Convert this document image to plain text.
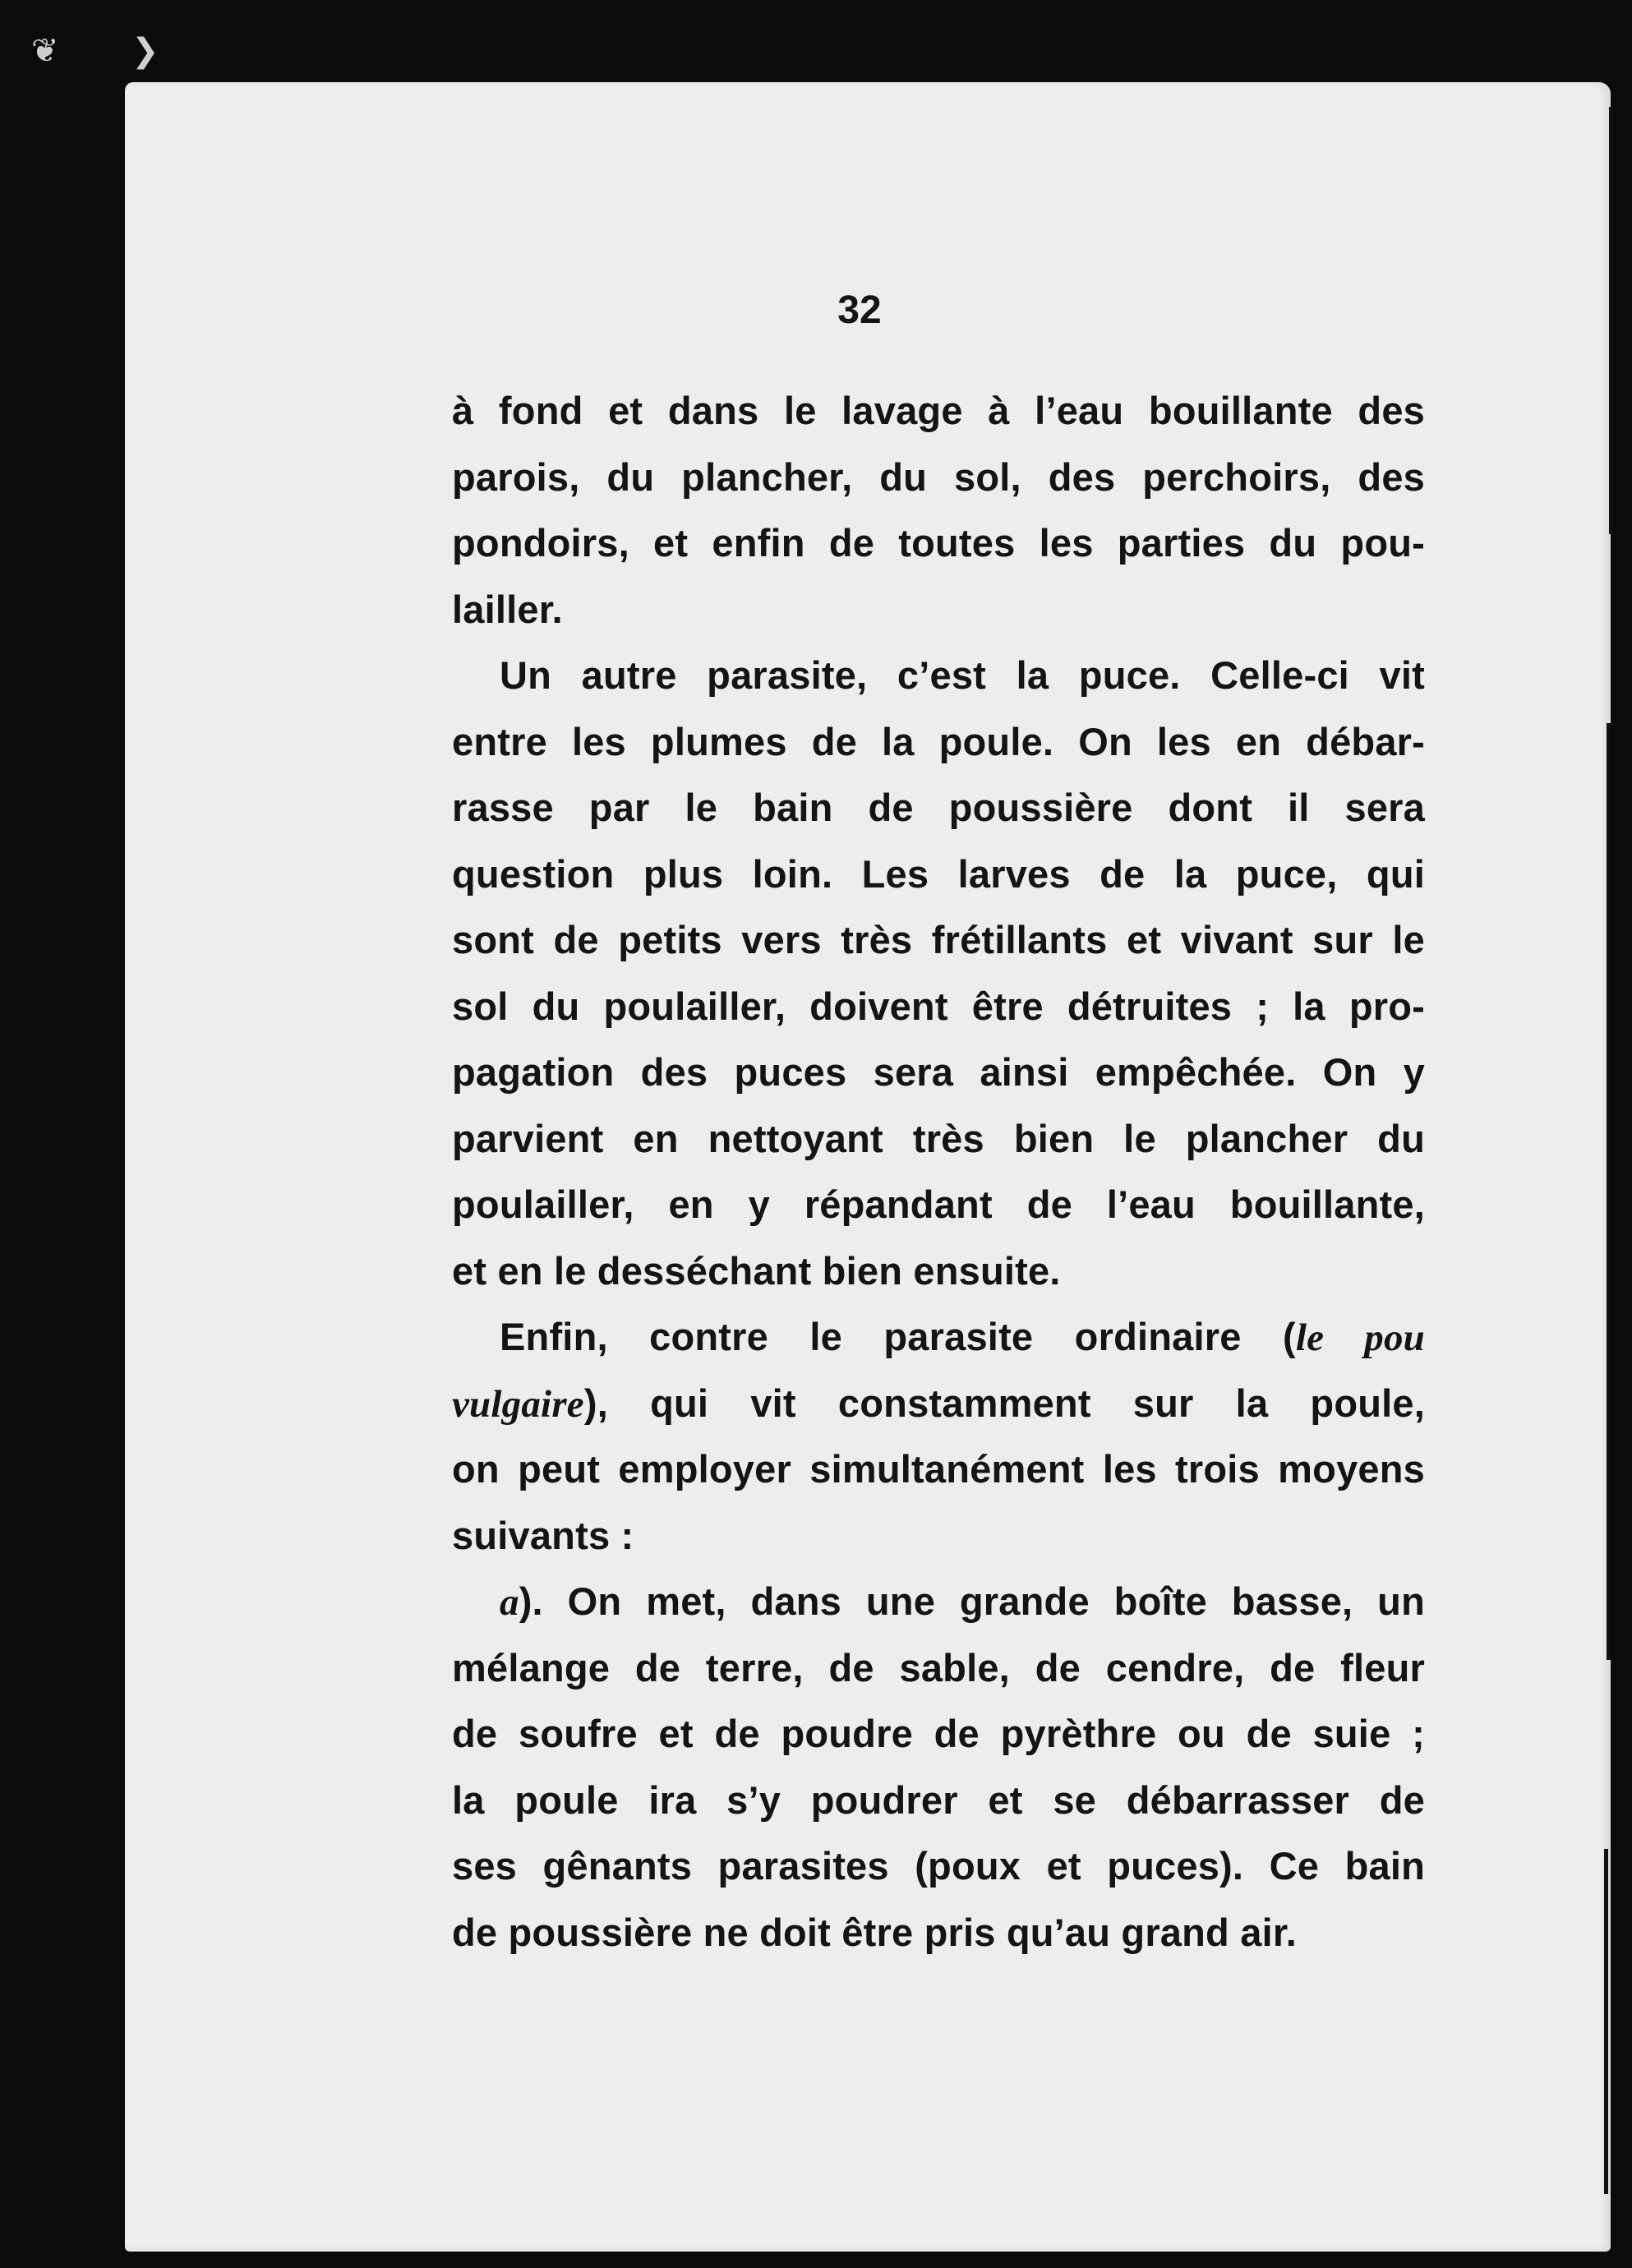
❦ ❯
32
à fond et dans le lavage à l’eau bouillante des
parois, du plancher, du sol, des perchoirs, des
pondoirs, et enfin de toutes les parties du pou-
lailler.
Un autre parasite, c’est la puce. Celle-ci vit
entre les plumes de la poule. On les en débar-
rasse par le bain de poussière dont il sera
question plus loin. Les larves de la puce, qui
sont de petits vers très frétillants et vivant sur le
sol du poulailler, doivent être détruites ; la pro-
pagation des puces sera ainsi empêchée. On y
parvient en nettoyant très bien le plancher du
poulailler, en y répandant de l’eau bouillante,
et en le desséchant bien ensuite.
Enfin, contre le parasite ordinaire (le pou
vulgaire), qui vit constamment sur la poule,
on peut employer simultanément les trois moyens
suivants :
a). On met, dans une grande boîte basse, un
mélange de terre, de sable, de cendre, de fleur
de soufre et de poudre de pyrèthre ou de suie ;
la poule ira s’y poudrer et se débarrasser de
ses gênants parasites (poux et puces). Ce bain
de poussière ne doit être pris qu’au grand air.
